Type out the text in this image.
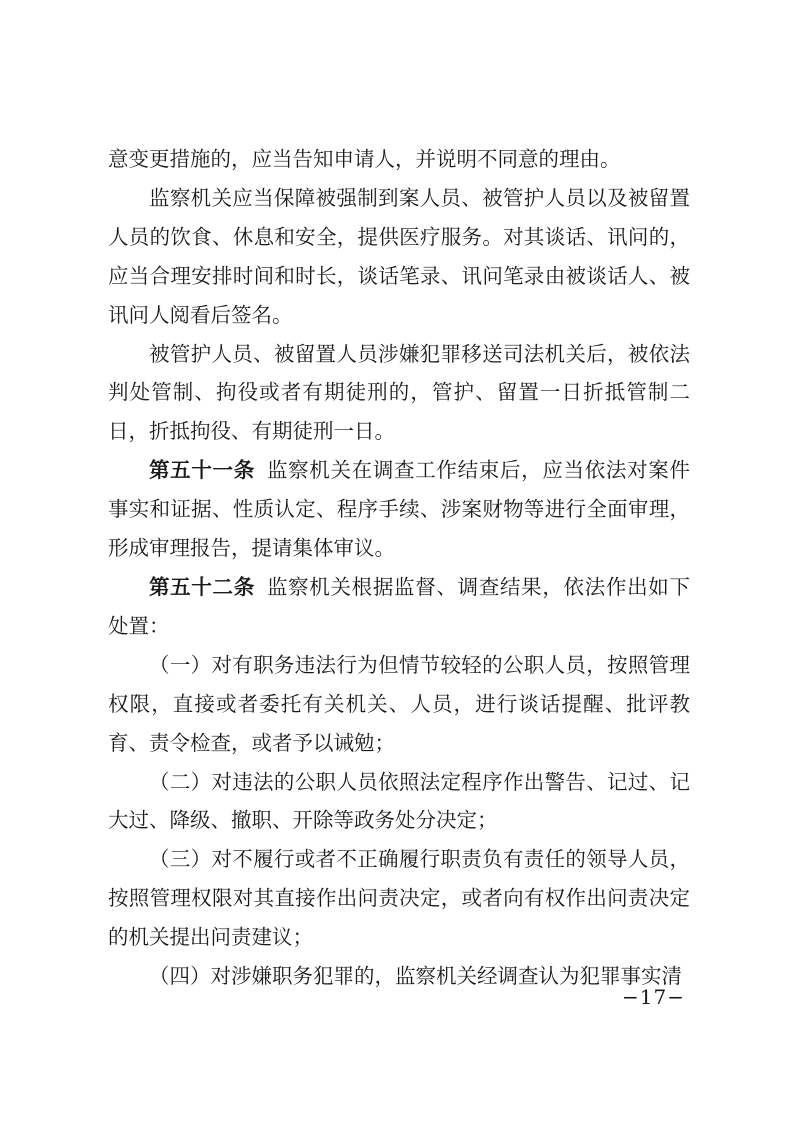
意变更措施的，应当告知申请人，并说明不同意的理由。

监察机关应当保障被强制到案人员、被管护人员以及被留置人员的饮食、休息和安全，提供医疗服务。对其谈话、讯问的，应当合理安排时间和时长，谈话笔录、讯问笔录由被谈话人、被讯问人阅看后签名。

被管护人员、被留置人员涉嫌犯罪移送司法机关后，被依法判处管制、拘役或者有期徒刑的，管护、留置一日折抵管制二日，折抵拘役、有期徒刑一日。

第五十一条 监察机关在调查工作结束后，应当依法对案件事实和证据、性质认定、程序手续、涉案财物等进行全面审理，形成审理报告，提请集体审议。

第五十二条 监察机关根据监督、调查结果，依法作出如下处置：

（一）对有职务违法行为但情节较轻的公职人员，按照管理权限，直接或者委托有关机关、人员，进行谈话提醒、批评教育、责令检查，或者予以诫勉；

（二）对违法的公职人员依照法定程序作出警告、记过、记大过、降级、撤职、开除等政务处分决定；

（三）对不履行或者不正确履行职责负有责任的领导人员，按照管理权限对其直接作出问责决定，或者向有权作出问责决定的机关提出问责建议；

（四）对涉嫌职务犯罪的，监察机关经调查认为犯罪事实清

−17−
